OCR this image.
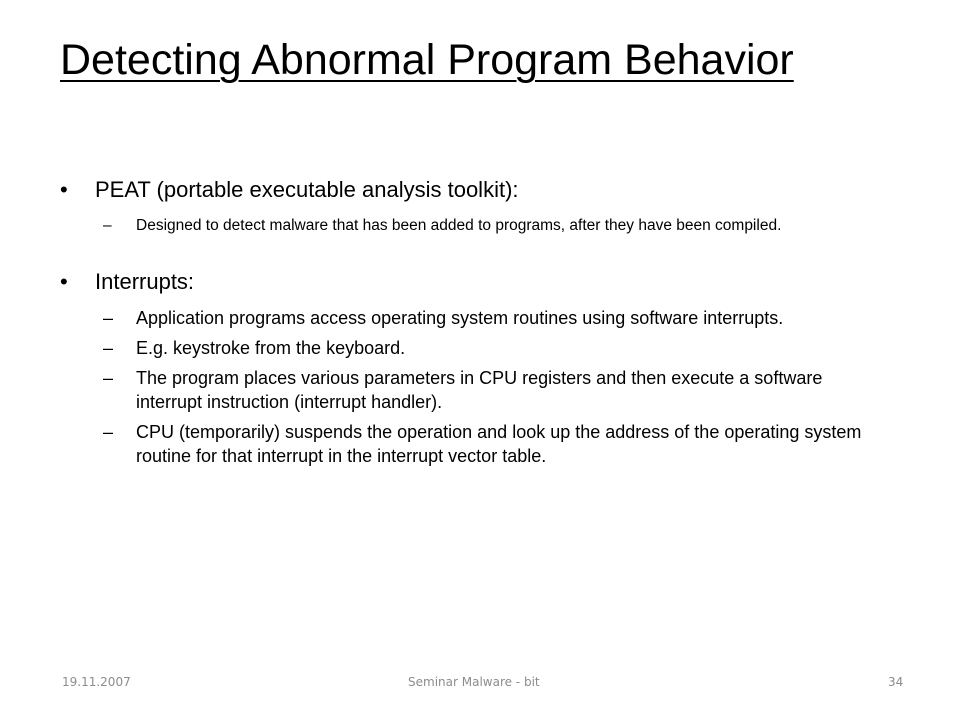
Detecting Abnormal Program Behavior
• PEAT (portable executable analysis toolkit):
– Designed to detect malware that has been added to programs, after they have been compiled.
• Interrupts:
– Application programs access operating system routines using software interrupts.
– E.g. keystroke from the keyboard.
– The program places various parameters in CPU registers and then execute a software interrupt instruction (interrupt handler).
– CPU (temporarily) suspends the operation and look up the address of the operating system routine for that interrupt in the interrupt vector table.
19.11.2007	Seminar Malware - bit	34
